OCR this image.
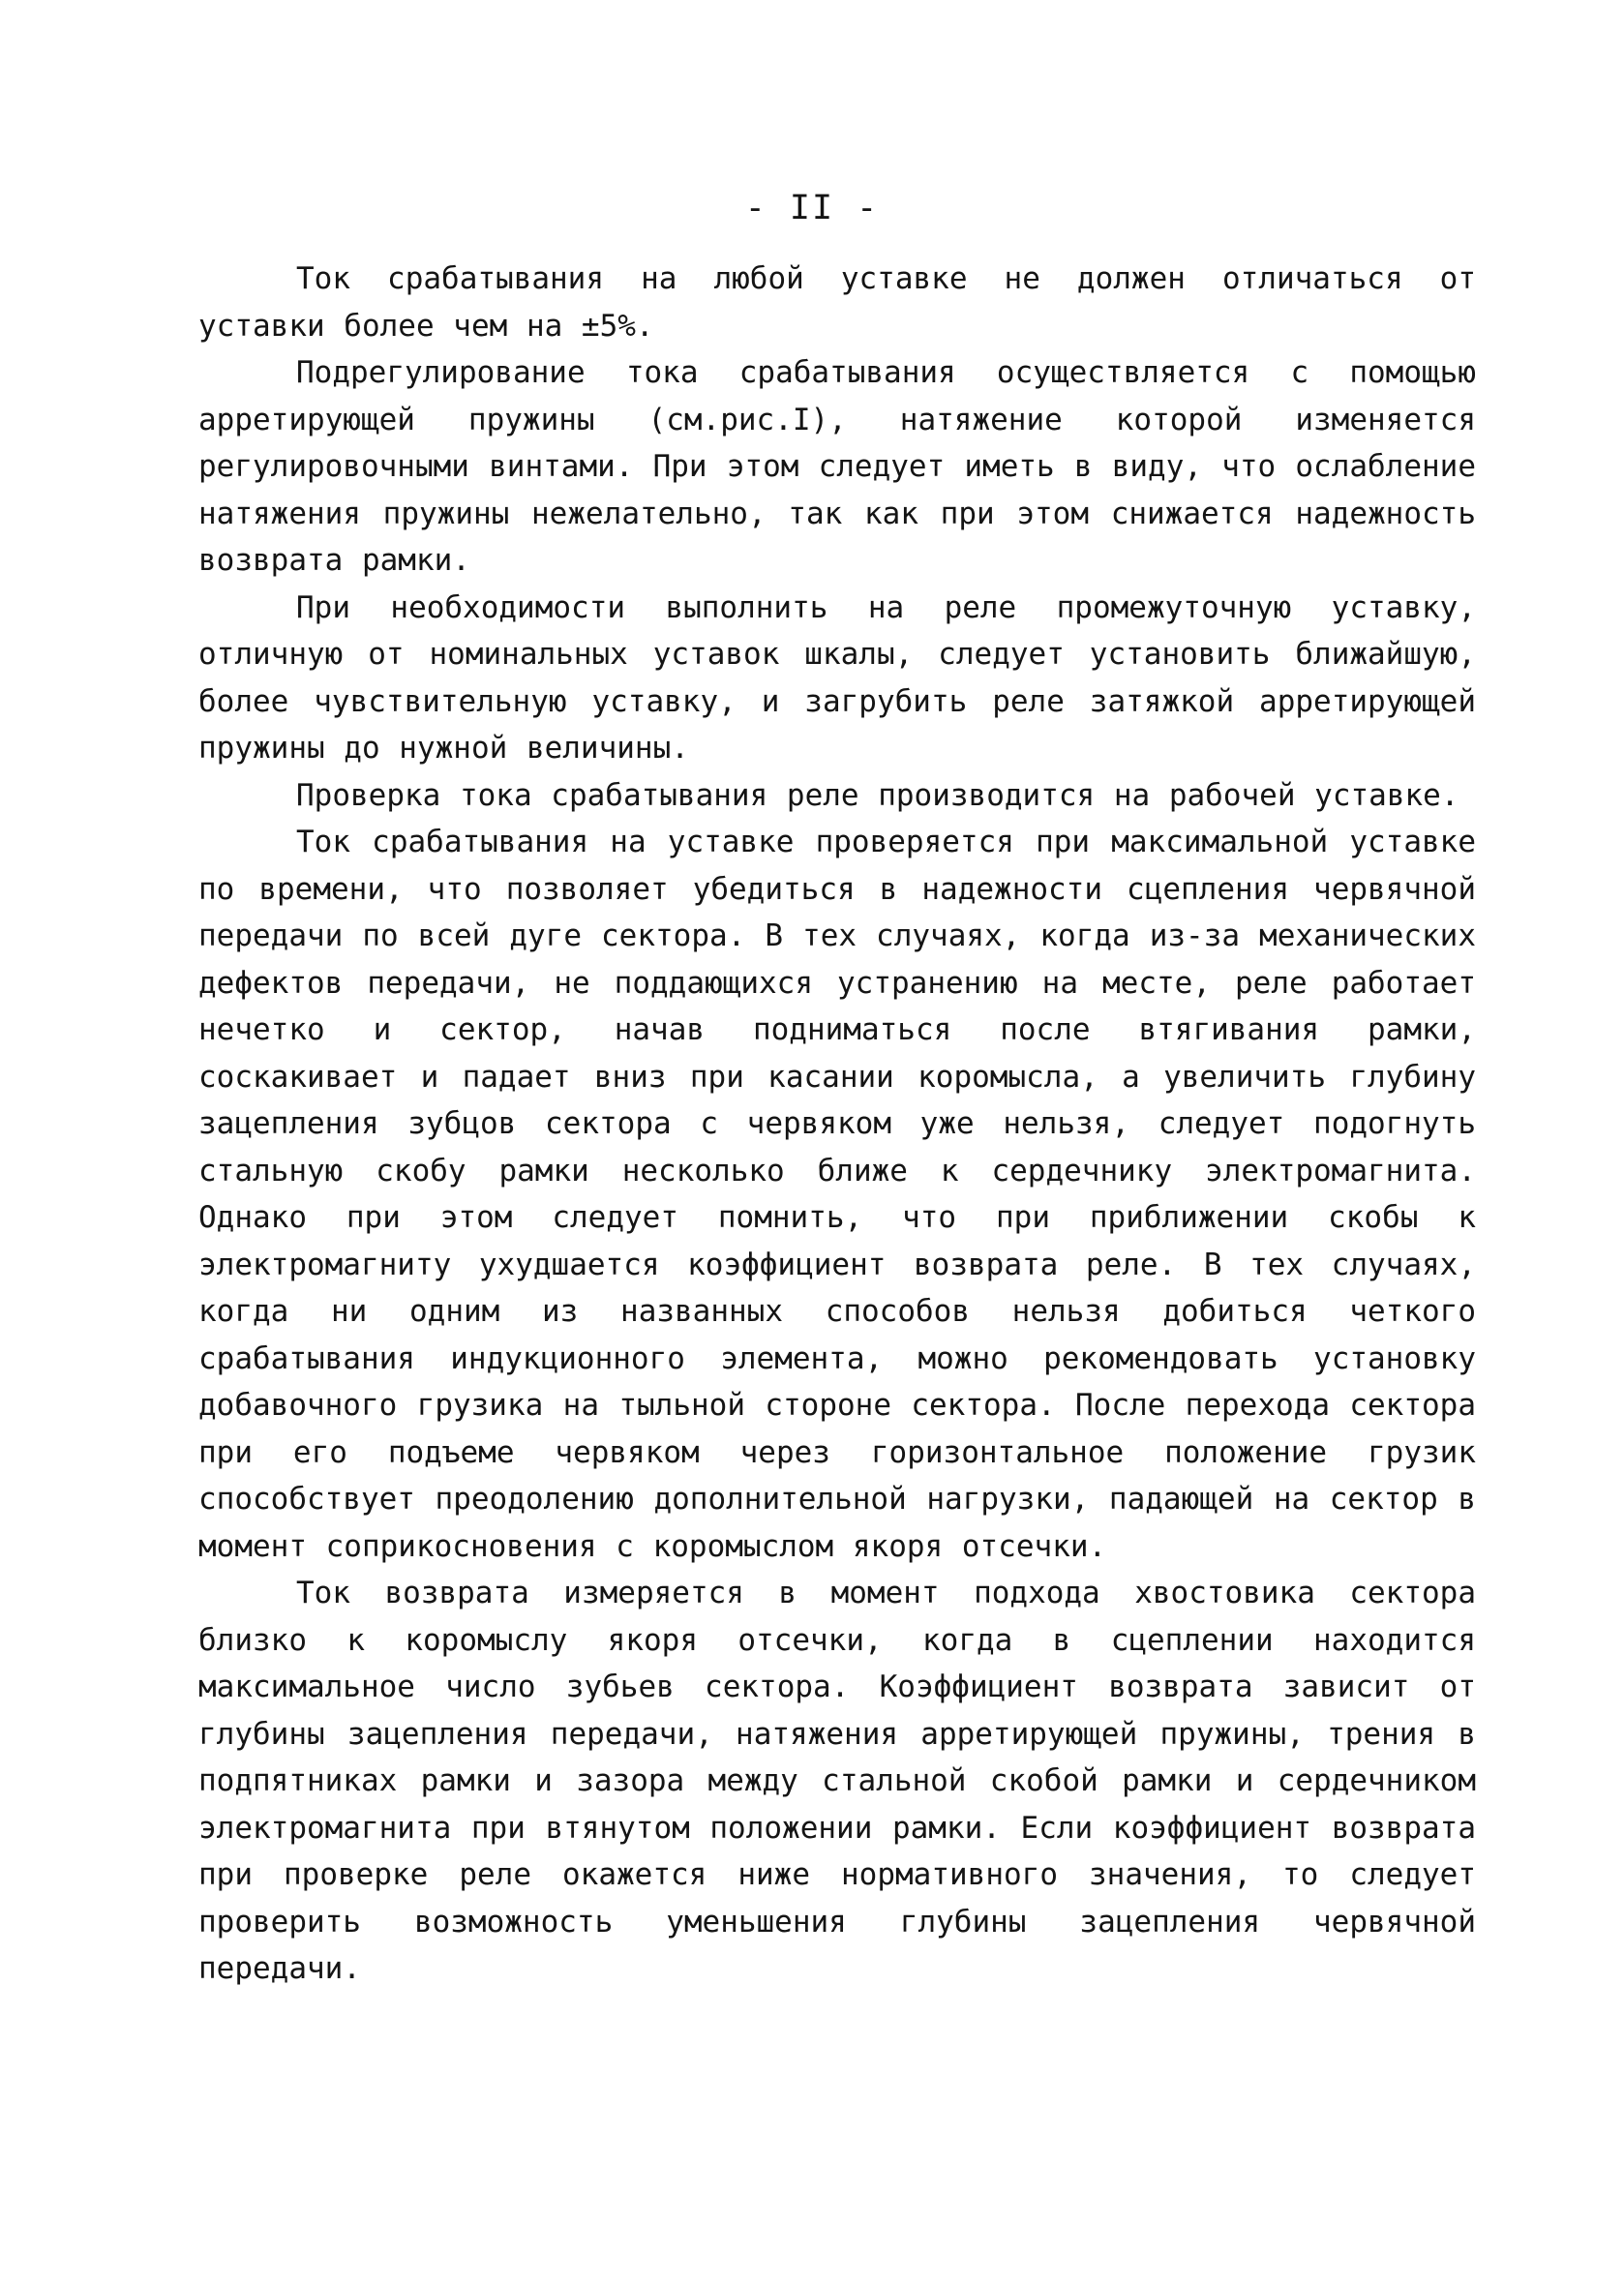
- II -

Ток срабатывания на любой уставке не должен отличаться от уставки более чем на ±5%.

Подрегулирование тока срабатывания осуществляется с помощью арретирующей пружины (см.рис.I), натяжение которой изменяется регулировочными винтами. При этом следует иметь в виду, что ослабление натяжения пружины нежелательно, так как при этом снижается надежность возврата рамки.

При необходимости выполнить на реле промежуточную уставку, отличную от номинальных уставок шкалы, следует установить ближайшую, более чувствительную уставку, и загрубить реле затяжкой арретирующей пружины до нужной величины.

Проверка тока срабатывания реле производится на рабочей уставке.

Ток срабатывания на уставке проверяется при максимальной уставке по времени, что позволяет убедиться в надежности сцепления червячной передачи по всей дуге сектора. В тех случаях, когда из-за механических дефектов передачи, не поддающихся устранению на месте, реле работает нечетко и сектор, начав подниматься после втягивания рамки, соскакивает и падает вниз при касании коромысла, а увеличить глубину зацепления зубцов сектора с червяком уже нельзя, следует подогнуть стальную скобу рамки несколько ближе к сердечнику электромагнита. Однако при этом следует помнить, что при приближении скобы к электромагниту ухудшается коэффициент возврата реле. В тех случаях, когда ни одним из названных способов нельзя добиться четкого срабатывания индукционного элемента, можно рекомендовать установку добавочного грузика на тыльной стороне сектора. После перехода сектора при его подъеме червяком через горизонтальное положение грузик способствует преодолению дополнительной нагрузки, падающей на сектор в момент соприкосновения с коромыслом якоря отсечки.

Ток возврата измеряется в момент подхода хвостовика сектора близко к коромыслу якоря отсечки, когда в сцеплении находится максимальное число зубьев сектора. Коэффициент возврата зависит от глубины зацепления передачи, натяжения арретирующей пружины, трения в подпятниках рамки и зазора между стальной скобой рамки и сердечником электромагнита при втянутом положении рамки. Если коэффициент возврата при проверке реле окажется ниже нормативного значения, то следует проверить возможность уменьшения глубины зацепления червячной передачи.
